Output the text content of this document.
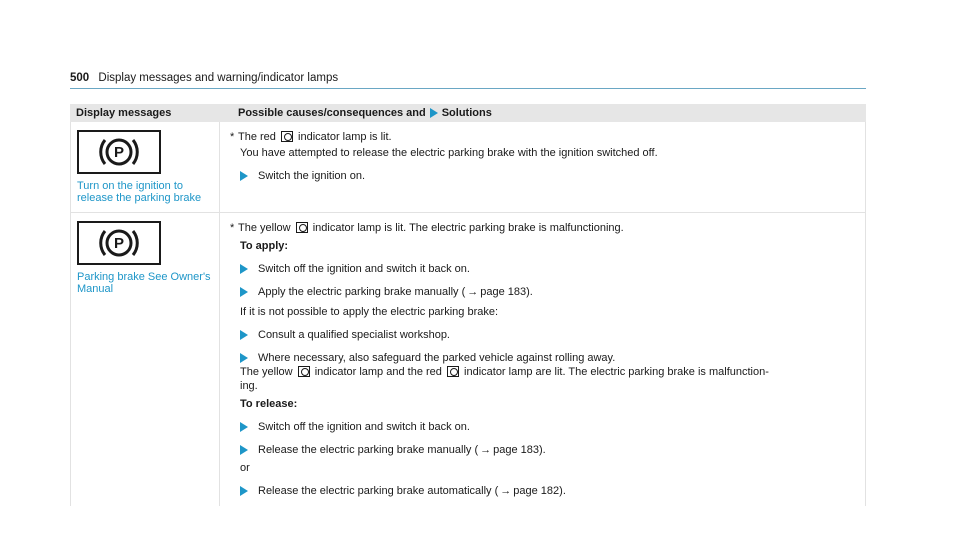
500 Display messages and warning/indicator lamps
Display messages	Possible causes/consequences and Solutions
P
Turn on the ignition to
release the parking brake
* The red indicator lamp is lit.
You have attempted to release the electric parking brake with the ignition switched off.
Switch the ignition on.
P
Parking brake See Owner's
Manual
* The yellow indicator lamp is lit. The electric parking brake is malfunctioning.
To apply:
Switch off the ignition and switch it back on.
Apply the electric parking brake manually ( → page 183).
If it is not possible to apply the electric parking brake:
Consult a qualified specialist workshop.
Where necessary, also safeguard the parked vehicle against rolling away.
The yellow indicator lamp and the red indicator lamp are lit. The electric parking brake is malfunction-
ing.
To release:
Switch off the ignition and switch it back on.
Release the electric parking brake manually ( → page 183).
or
Release the electric parking brake automatically ( → page 182).
